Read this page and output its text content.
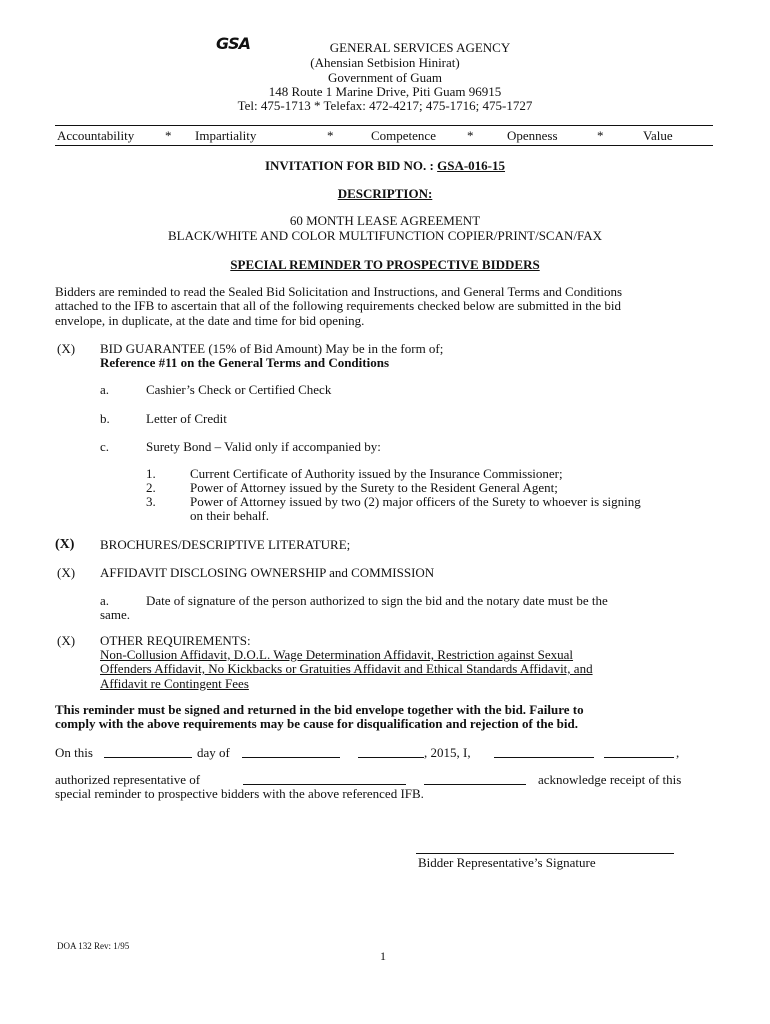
GSA	GENERAL SERVICES AGENCY
(Ahensian Setbision Hinirat)
Government of Guam
148 Route 1 Marine Drive, Piti Guam 96915
Tel: 475-1713 * Telefax: 472-4217; 475-1716; 475-1727
Accountability * Impartiality	*	Competence *	Openness	*	Value
INVITATION FOR BID NO. : GSA-016-15
DESCRIPTION:
60 MONTH LEASE AGREEMENT
BLACK/WHITE AND COLOR MULTIFUNCTION COPIER/PRINT/SCAN/FAX
SPECIAL REMINDER TO PROSPECTIVE BIDDERS
Bidders are reminded to read the Sealed Bid Solicitation and Instructions, and General Terms and Conditions
attached to the IFB to ascertain that all of the following requirements checked below are submitted in the bid
envelope, in duplicate, at the date and time for bid opening.
(X) BID GUARANTEE (15% of Bid Amount) May be in the form of;
Reference #11 on the General Terms and Conditions
a.	Cashier’s Check or Certified Check
b.	Letter of Credit
c.	Surety Bond – Valid only if accompanied by:
1.	Current Certificate of Authority issued by the Insurance Commissioner;
2.	Power of Attorney issued by the Surety to the Resident General Agent;
3.	Power of Attorney issued by two (2) major officers of the Surety to whoever is signing
on their behalf.
(X) BROCHURES/DESCRIPTIVE LITERATURE;
(X) AFFIDAVIT DISCLOSING OWNERSHIP and COMMISSION
a.	Date of signature of the person authorized to sign the bid and the notary date must be the
same.
(X) OTHER REQUIREMENTS:
Non-Collusion Affidavit, D.O.L. Wage Determination Affidavit, Restriction against Sexual
Offenders Affidavit, No Kickbacks or Gratuities Affidavit and Ethical Standards Affidavit, and
Affidavit re Contingent Fees
This reminder must be signed and returned in the bid envelope together with the bid. Failure to
comply with the above requirements may be cause for disqualification and rejection of the bid.
On this	day of	, 2015, I,	,
authorized representative of	acknowledge receipt of this
special reminder to prospective bidders with the above referenced IFB.
Bidder Representative’s Signature
DOA 132 Rev: 1/95
1
